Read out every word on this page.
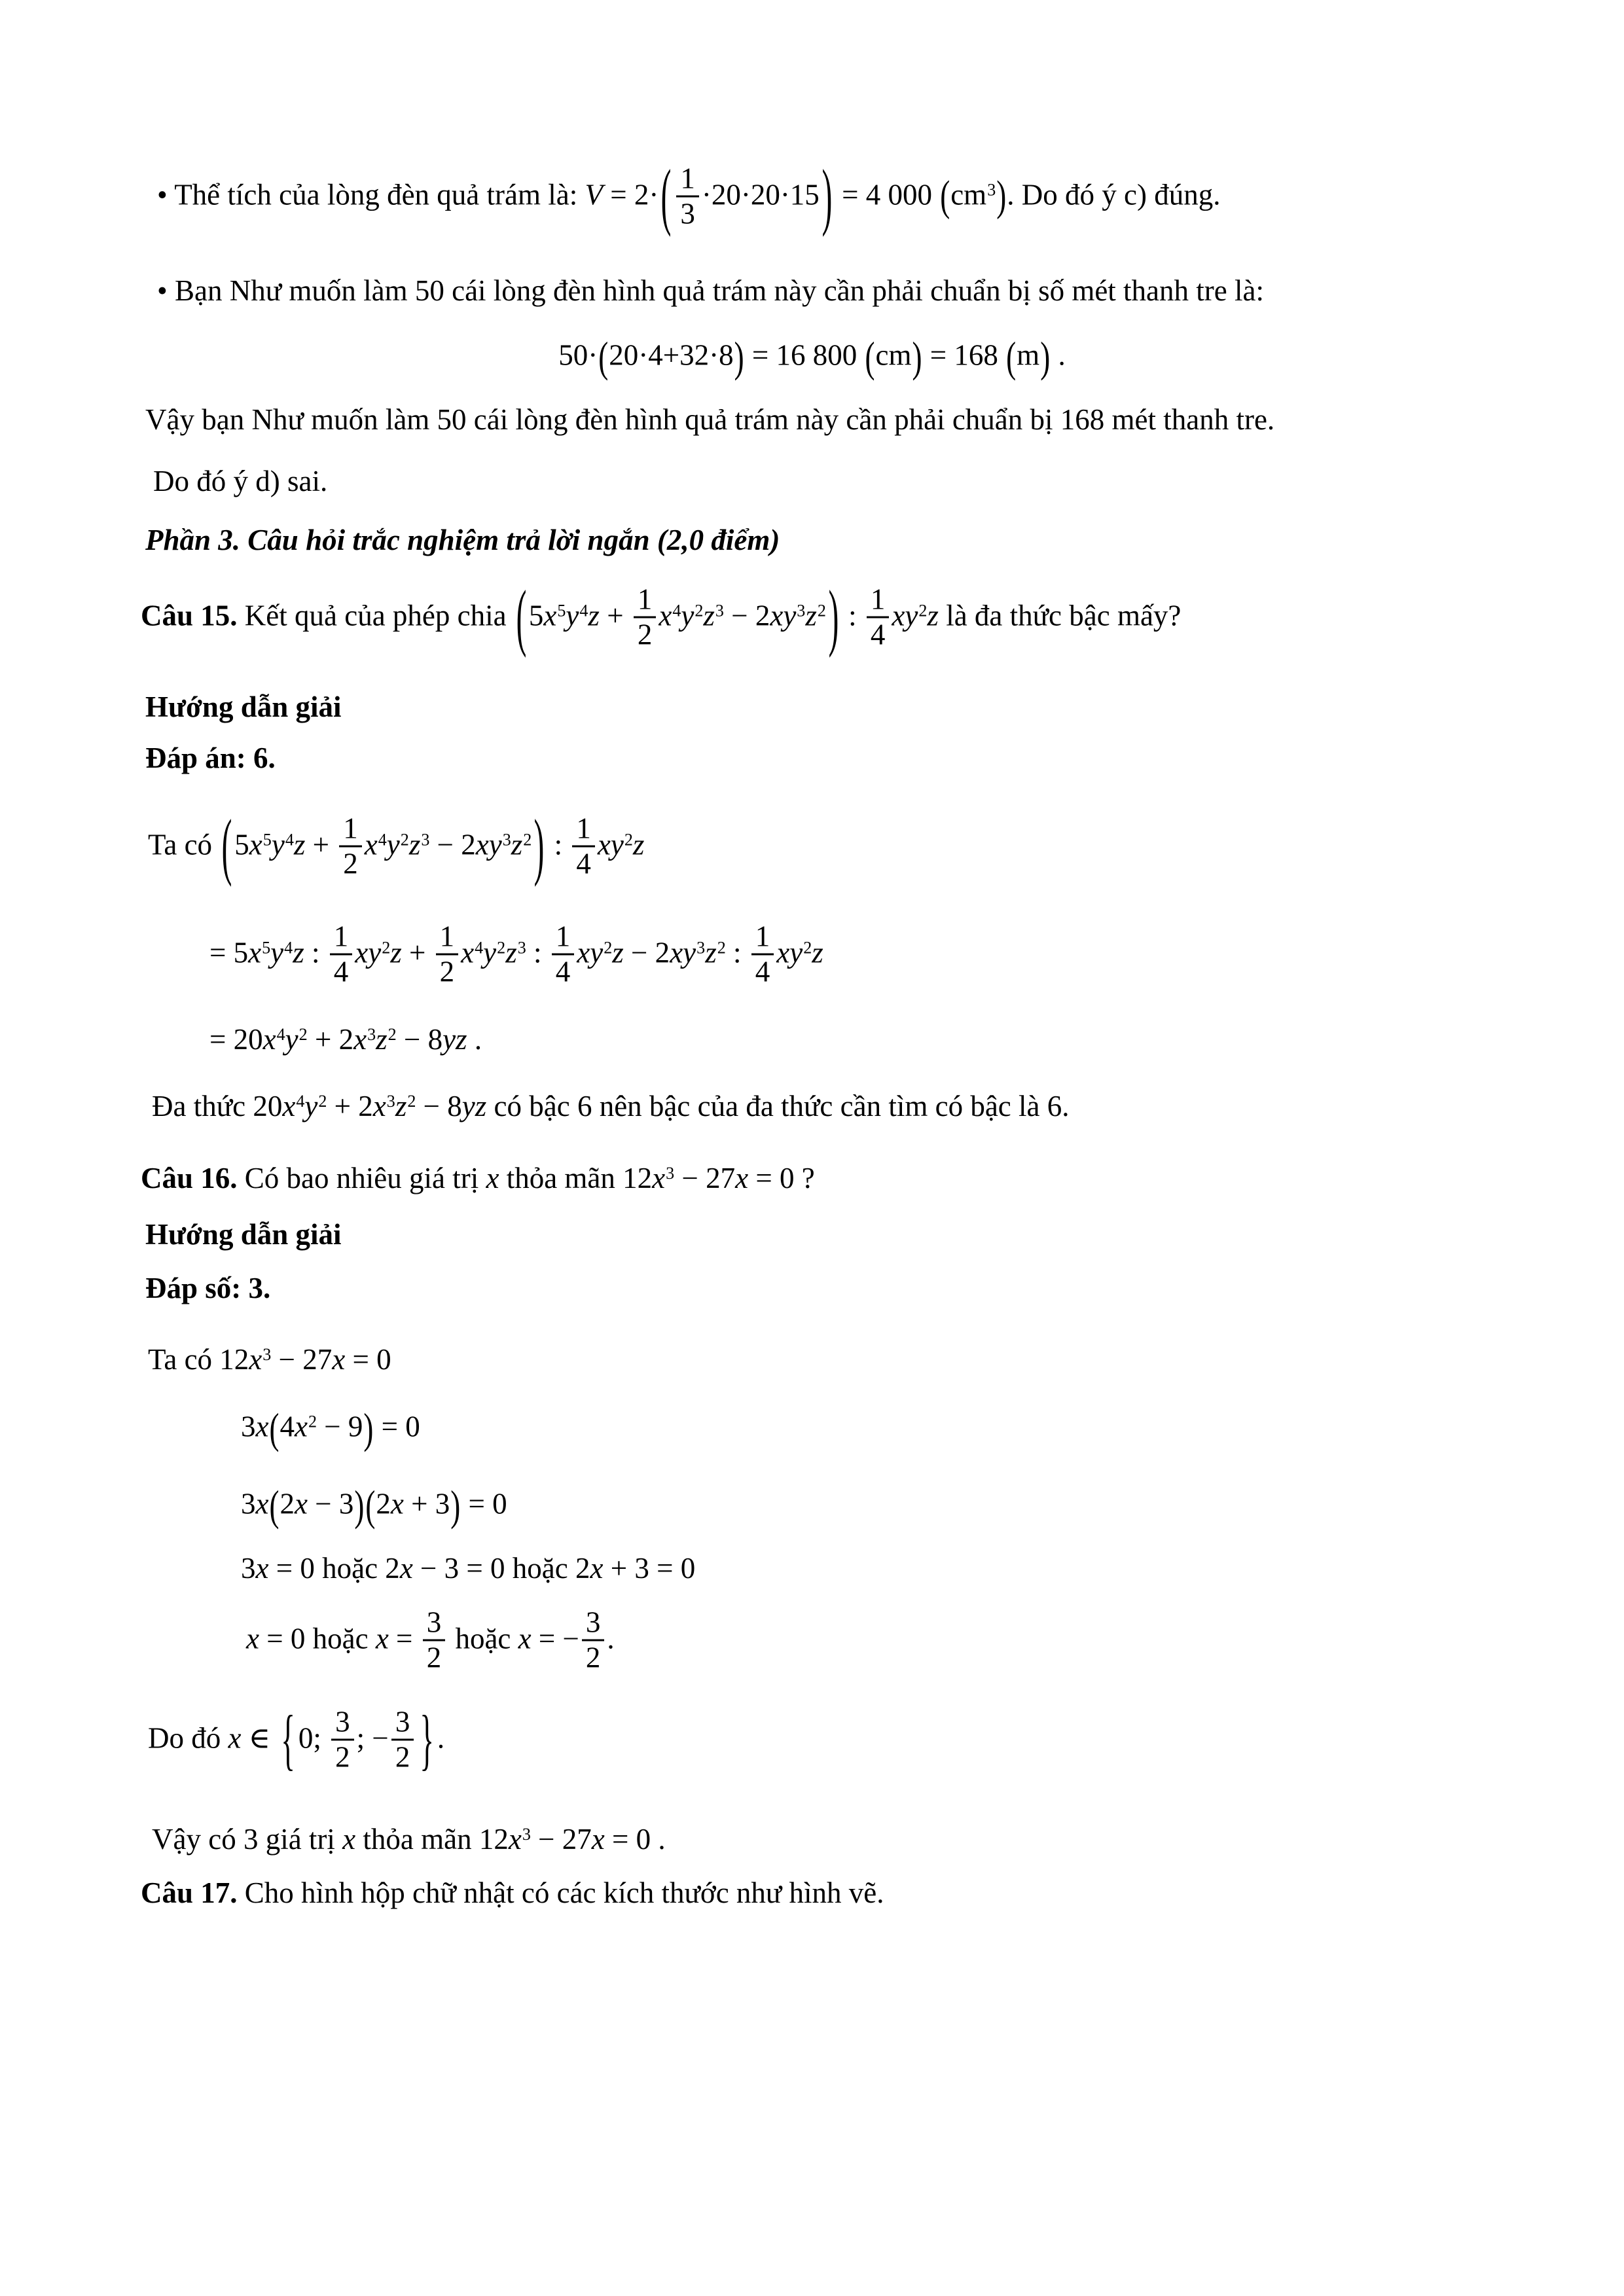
• Thể tích của lòng đèn quả trám là: $V = 2\cdot( \frac{1}{3} \cdot 20\cdot 20\cdot 15) = 4$ 000 $(cm^3)$. Do đó ý c) đúng.
• Bạn Như muốn làm 50 cái lòng đèn hình quả trám này cần phải chuẩn bị số mét thanh tre là:
50·(20·4+32·8) = 16 800 (cm) = 168 (m) .
Vậy bạn Như muốn làm 50 cái lòng đèn hình quả trám này cần phải chuẩn bị 168 mét thanh tre.
Do đó ý d) sai.
Phần 3. Câu hỏi trắc nghiệm trả lời ngắn (2,0 điểm)
Câu 15. Kết quả của phép chia $(5x^5y^4z + \frac{1}{2} x^4y^2z^3 - 2xy^3z^2)$ : $\frac{1}{4} xy^2z$ là đa thức bậc mấy?
Hướng dẫn giải
Đáp án: 6.
Ta có $(5x^5y^4z + \frac{1}{2} x^4y^2z^3 - 2xy^3z^2)$ : $\frac{1}{4} xy^2z$
= $5x^5y^4z$ : $\frac{1}{4} xy^2z + \frac{1}{2} x^4y^2z^3$ : $\frac{1}{4} xy^2z - 2xy^3z^2$ : $\frac{1}{4} xy^2z$
= $20x^4y^2 + 2x^3z^2 - 8yz$ .
Đa thức $20x^4y^2 + 2x^3z^2 - 8yz$ có bậc 6 nên bậc của đa thức cần tìm có bậc là 6.
Câu 16. Có bao nhiêu giá trị x thỏa mãn $12x^3 - 27x = 0$ ?
Hướng dẫn giải
Đáp số: 3.
Ta có $12x^3 - 27x = 0$
$3x(4x^2 - 9) = 0$
3x(2x − 3)(2x + 3) = 0
3x = 0 hoặc 2x − 3 = 0 hoặc 2x + 3 = 0
x = 0 hoặc $x = \frac{3}{2}$ hoặc x = − $\frac{3}{2}$ .
Do đó x ∈ { 0; $\frac{3}{2}$ ; − $\frac{3}{2}$ } .
Vậy có 3 giá trị x thỏa mãn $12x^3 - 27x = 0$ .
Câu 17. Cho hình hộp chữ nhật có các kích thước như hình vẽ.
